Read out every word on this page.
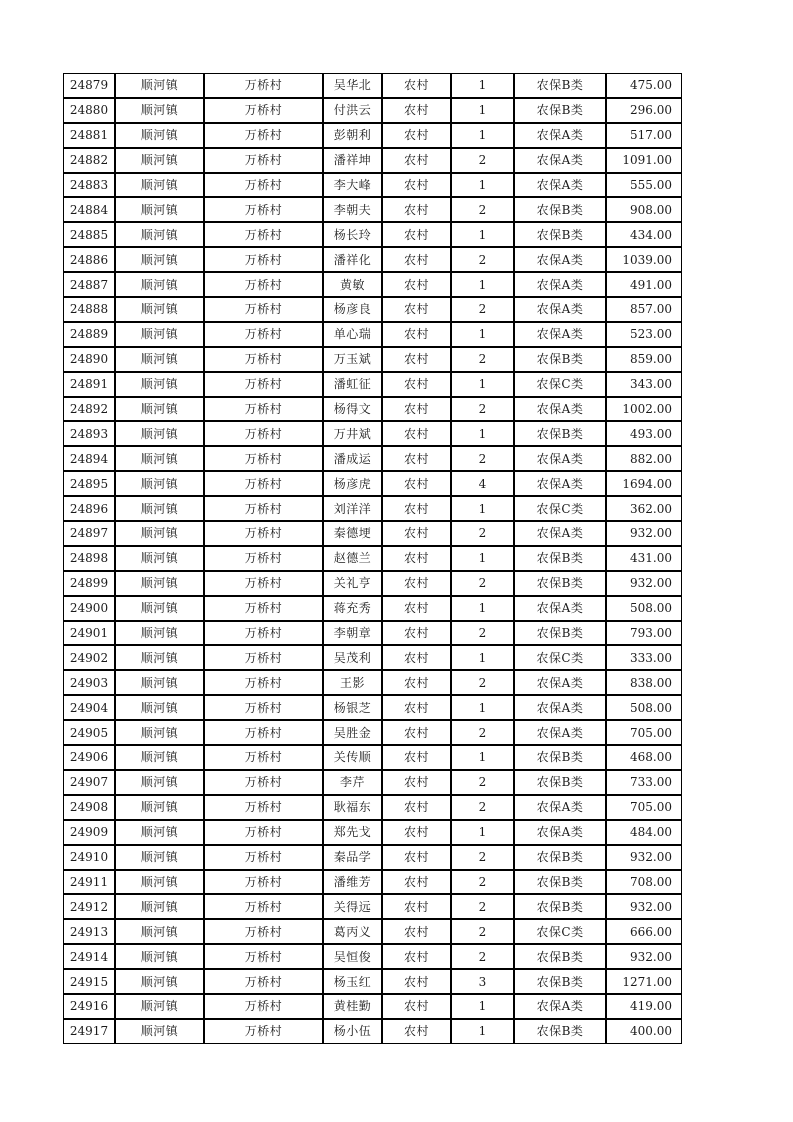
24879	顺河镇	万桥村	吴华北	农村	1	农保B类	475.00
24880	顺河镇	万桥村	付洪云	农村	1	农保B类	296.00
24881	顺河镇	万桥村	彭朝利	农村	1	农保A类	517.00
24882	顺河镇	万桥村	潘祥坤	农村	2	农保A类	1091.00
24883	顺河镇	万桥村	李大峰	农村	1	农保A类	555.00
24884	顺河镇	万桥村	李朝夫	农村	2	农保B类	908.00
24885	顺河镇	万桥村	杨长玲	农村	1	农保B类	434.00
24886	顺河镇	万桥村	潘祥化	农村	2	农保A类	1039.00
24887	顺河镇	万桥村	黄敏	农村	1	农保A类	491.00
24888	顺河镇	万桥村	杨彦良	农村	2	农保A类	857.00
24889	顺河镇	万桥村	单心瑞	农村	1	农保A类	523.00
24890	顺河镇	万桥村	万玉斌	农村	2	农保B类	859.00
24891	顺河镇	万桥村	潘虹征	农村	1	农保C类	343.00
24892	顺河镇	万桥村	杨得文	农村	2	农保A类	1002.00
24893	顺河镇	万桥村	万井斌	农村	1	农保B类	493.00
24894	顺河镇	万桥村	潘成运	农村	2	农保A类	882.00
24895	顺河镇	万桥村	杨彦虎	农村	4	农保A类	1694.00
24896	顺河镇	万桥村	刘洋洋	农村	1	农保C类	362.00
24897	顺河镇	万桥村	秦德埂	农村	2	农保A类	932.00
24898	顺河镇	万桥村	赵德兰	农村	1	农保B类	431.00
24899	顺河镇	万桥村	关礼亨	农村	2	农保B类	932.00
24900	顺河镇	万桥村	蒋充秀	农村	1	农保A类	508.00
24901	顺河镇	万桥村	李朝章	农村	2	农保B类	793.00
24902	顺河镇	万桥村	吴茂利	农村	1	农保C类	333.00
24903	顺河镇	万桥村	王影	农村	2	农保A类	838.00
24904	顺河镇	万桥村	杨银芝	农村	1	农保A类	508.00
24905	顺河镇	万桥村	吴胜金	农村	2	农保A类	705.00
24906	顺河镇	万桥村	关传顺	农村	1	农保B类	468.00
24907	顺河镇	万桥村	李芹	农村	2	农保B类	733.00
24908	顺河镇	万桥村	耿福东	农村	2	农保A类	705.00
24909	顺河镇	万桥村	郑先戈	农村	1	农保A类	484.00
24910	顺河镇	万桥村	秦品学	农村	2	农保B类	932.00
24911	顺河镇	万桥村	潘维芳	农村	2	农保B类	708.00
24912	顺河镇	万桥村	关得远	农村	2	农保B类	932.00
24913	顺河镇	万桥村	葛丙义	农村	2	农保C类	666.00
24914	顺河镇	万桥村	吴恒俊	农村	2	农保B类	932.00
24915	顺河镇	万桥村	杨玉红	农村	3	农保B类	1271.00
24916	顺河镇	万桥村	黄桂勤	农村	1	农保A类	419.00
24917	顺河镇	万桥村	杨小伍	农村	1	农保B类	400.00
